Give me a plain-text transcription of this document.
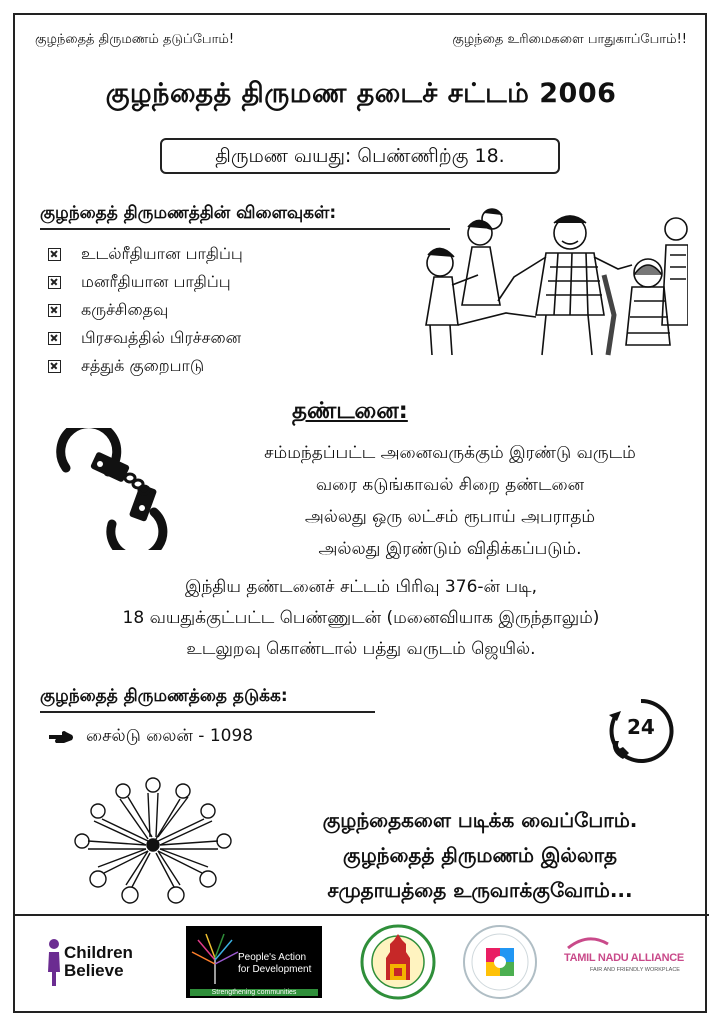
குழந்தைத் திருமணம் தடுப்போம்!	குழந்தை உரிமைகளை பாதுகாப்போம்!!
குழந்தைத் திருமண தடைச் சட்டம் 2006
திருமண வயது: பெண்ணிற்கு 18.
குழந்தைத் திருமணத்தின் விளைவுகள்:
உடல்ரீதியான பாதிப்பு
மனரீதியான பாதிப்பு
கருச்சிதைவு
பிரசவத்தில் பிரச்சனை
சத்துக் குறைபாடு
தண்டனை:
சம்மந்தப்பட்ட அனைவருக்கும் இரண்டு வருடம்
வரை கடுங்காவல் சிறை தண்டனை
அல்லது ஒரு லட்சம் ரூபாய் அபராதம்
அல்லது இரண்டும் விதிக்கப்படும்.
இந்திய தண்டனைச் சட்டம் பிரிவு 376-ன் படி,
18 வயதுக்குட்பட்ட பெண்ணுடன் (மனைவியாக இருந்தாலும்)
உடலுறவு கொண்டால் பத்து வருடம் ஜெயில்.
குழந்தைத் திருமணத்தை தடுக்க:
சைல்டு லைன் - 1098	24
குழந்தைகளை படிக்க வைப்போம்.
குழந்தைத் திருமணம் இல்லாத
சமுதாயத்தை உருவாக்குவோம்...
Children
Believe
People's Action
for Development
Strengthening communities
TAMIL NADU ALLIANCE
FAIR AND FRIENDLY WORKPLACE
